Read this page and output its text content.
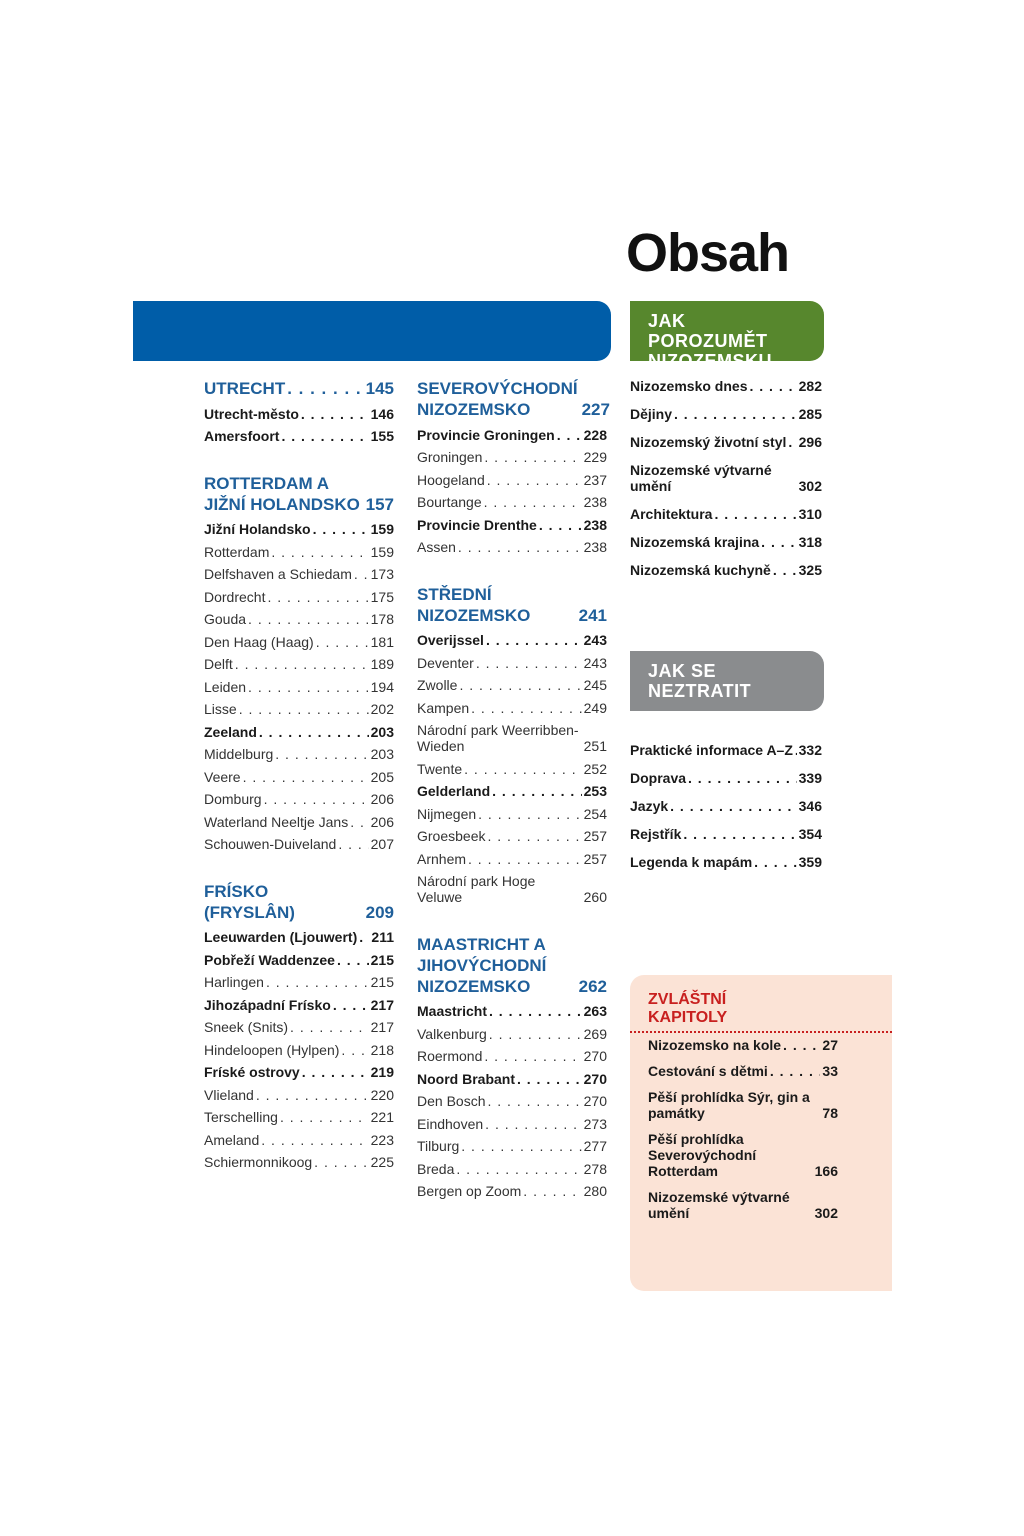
Obsah
UTRECHT . . .	145
Utrecht-město . . .	146
Amersfoort . . .	155
ROTTERDAM A JIŽNÍ HOLANDSKO 157
Jižní Holandsko . . .	159
Rotterdam . . .	159
Delfshaven a Schiedam . . . 173
Dordrecht . . .	175
Gouda . . .	178
Den Haag (Haag) . . .	181
Delft . . .	189
Leiden . . .	194
Lisse . . .	202
Zeeland . . .	203
Middelburg . . .	203
Veere . . .	205
Domburg . . .	206
Waterland Neeltje Jans . . . 206
Schouwen-Duiveland . . . 207
FRÍSKO (FRYSLÂN)	209
Leeuwarden (Ljouwert) . . . 211
Pobřeží Waddenzee . . .	215
Harlingen . . .	215
Jihozápadní Frísko . . .	217
Sneek (Snits) . . .	217
Hindeloopen (Hylpen) . . . 218
Fríské ostrovy . . .	219
Vlieland . . .	220
Terschelling . . .	221
Ameland . . .	223
Schiermonnikoog . . .	225
SEVEROVÝCHODNÍ NIZOZEMSKO	227
Provincie Groningen . . . 228
Groningen . . .	229
Hoogeland . . .	237
Bourtange . . .	238
Provincie Drenthe . . .	238
Assen . . .	238
STŘEDNÍ NIZOZEMSKO	241
Overijssel . . .	243
Deventer . . .	243
Zwolle . . .	245
Kampen . . .	249
Národní park Weerribben-Wieden	251
Twente . . .	252
Gelderland . . .	253
Nijmegen . . .	254
Groesbeek . . .	257
Arnhem . . .	257
Národní park Hoge Veluwe	260
MAASTRICHT A JIHOVÝCHODNÍ NIZOZEMSKO	262
Maastricht . . .	263
Valkenburg . . .	269
Roermond . . .	270
Noord Brabant . . .	270
Den Bosch . . .	270
Eindhoven . . .	273
Tilburg . . .	277
Breda . . .	278
Bergen op Zoom . . .	280
JAK POROZUMĚT NIZOZEMSKU
Nizozemsko dnes . . .	282
Dějiny . . .	285
Nizozemský životní styl . . . 296
Nizozemské výtvarné umění	302
Architektura . . .	310
Nizozemská krajina . . .	318
Nizozemská kuchyně . . . 325
JAK SE NEZTRATIT
Praktické informace A–Z . . . 332
Doprava . . .	339
Jazyk . . .	346
Rejstřík . . .	354
Legenda k mapám . . .	359
ZVLÁŠTNÍ KAPITOLY
Nizozemsko na kole . . .	27
Cestování s dětmi . . .	33
Pěší prohlídka Sýr, gin a památky	78
Pěší prohlídka Severovýchodní Rotterdam	166
Nizozemské výtvarné umění	302
